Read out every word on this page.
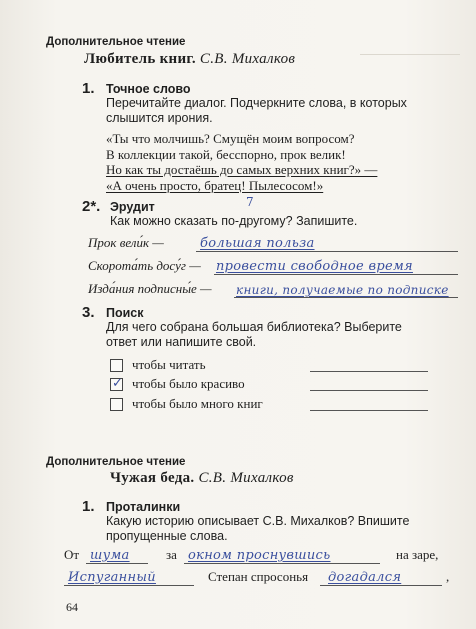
Дополнительное чтение
Любитель книг. С.В. Михалков
1. Точное слово
Перечитайте диалог. Подчеркните слова, в которых
слышится ирония.
«Ты что молчишь? Смущён моим вопросом?
В коллекции такой, бесспорно, прок велик!
Но как ты достаёшь до самых верхних книг?» —
«А очень просто, братец! Пылесосом!»
2*. Эрудит	7
Как можно сказать по-другому? Запишите.
Прок вели́к —	большая польза
Скорота́ть досу́г — провести свободное время
Изда́ния подписны́е — книги, получаемые по подписке
3. Поиск
Для чего собрана большая библиотека? Выберите
ответ или напишите свой.
чтобы читать
✓ чтобы было красиво
чтобы было много книг
Дополнительное чтение
Чужая беда. С.В. Михалков
1. Проталинки
Какую историю описывает С.В. Михалков? Впишите
пропущенные слова.
От шума	за окном проснувшись	на заре,
Испуганный	Степан спросонья догадался	,
64
